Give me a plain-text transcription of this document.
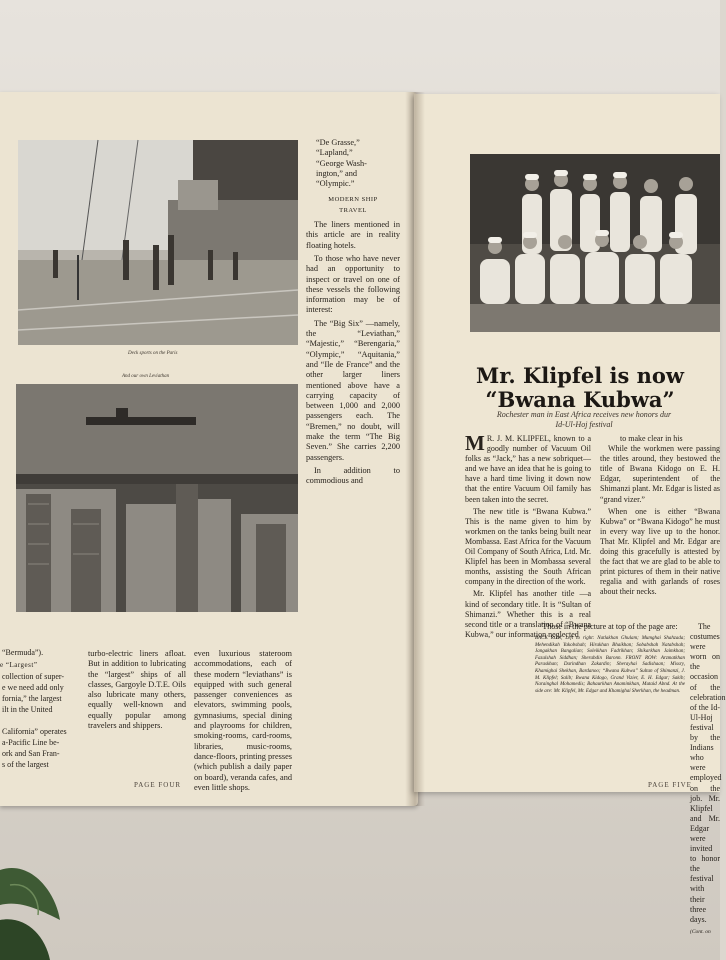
Deck sports on the Paris
And our own Leviathan
“De Grasse,”
“Lapland,”
“George Wash-
ington,” and
“Olympic.”
MODERN SHIP
TRAVEL

The liners mentioned in this article are in reality floating hotels.

To those who have never had an opportunity to inspect or travel on one of these vessels the following information may be of interest:

The “Big Six” —namely, the “Leviathan,” “Majestic,” “Berengaria,” “Olympic,” “Aquitania,” and “Ile de France” and the other larger liners mentioned above have a carrying capacity of between 1,000 and 2,000 passengers each. The “Bremen,” no doubt, will make the term “The Big Seven.” She carries 2,200 passengers.

In addition to commodious and

“Bermuda”).
e “Largest”
collection of super-
e we need add only
fornia,” the largest
ilt in the United
California” operates
a-Pacific Line be-
ork and San Fran-
s of the largest

turbo-electric liners afloat. But in addition to lubricating the “largest” ships of all classes, Gargoyle D.T.E. Oils also lubricate many others, equally well-known and equally popular among travelers and shippers.

even luxurious stateroom accommodations, each of these modern “leviathans” is equipped with such general passenger conveniences as elevators, swimming pools, gymnasiums, special dining and playrooms for children, smoking-rooms, card-rooms, libraries, music-rooms, dance-floors, printing presses (which publish a daily paper on board), veranda cafes, and even little shops.

PAGE FOUR
Mr. Klipfel is now
“Bwana Kubwa”
Rochester man in East Africa receives new honors dur
Id-Ul-Hoj festival

M R. J. M. KLIPFEL, known to a goodly number of Vacuum Oil folks as “Jack,” has a new sobriquet—and we have an idea that he is going to have a hard time living it down now that the entire Vacuum Oil family has been taken into the secret.

The new title is “Bwana Kubwa.” This is the name given to him by workmen on the tanks being built near Mombassa. East Africa for the Vacuum Oil Company of South Africa, Ltd. Mr. Klipfel has been in Mombassa several months, assisting the South African company in the direction of the work.

Mr. Klipfel has another title —a kind of secondary title. It is “Sultan of Shimanzi.” Whether this is a real second title or a translation of “Bwana Kubwa,” our information neglected

to make clear in his

While the workmen were passing the titles around, they bestowed the title of Bwana Kidogo on E. H. Edgar, superintendent of the Shimanzi plant. Mr. Edgar is listed as “grand vizer.”

When one is either “Bwana Kubwa” or “Bwana Kidogo” he must in every way live up to the honor. That Mr. Klipfel and Mr. Edgar are doing this gracefully is attested by the fact that we are glad to be able to print pictures of them in their native regalia and with garlands of roses about their necks.

Those in the picture at top of the page are:
BACK ROW, Left to right: Natlakhan Ghulam; Mumghai Shahzada; Mehendikah Yakobshah; Hirakhan Bhaikhan; Sobabshah Natabshah; Jangakhan Bangalian; Soleikhan Fadrikhan; Shikarkhan Jaimkhan; Fazalshah Siddhan; Sherabdin Baronn. FRONT ROW: Arzmatkhan Paraskhan; Darindhan Zakardin; Sherayhai Sadishaan; Missry, Khamighai Shekhan, Bardanoo; “Bwana Kubwa” Sultan of Shimanzi, J. M. Klipfel; Salib; Bwana Kidogo, Grand Vizier, E. H. Edgar; Sakib; Narainghal Mohamedis; Bahaurkhan Anaminkhan, Mutaid Abnd. At the side are: Mr. Klipfel, Mr. Edgar and Khamighai Sherkhan, the headman.

The costumes were worn on the occasion of the celebration of the Id-Ul-Hoj festival by the Indians who were employed on the job. Mr. Klipfel and Mr. Edgar were invited to honor the festival with their three days.

(Cont. on
PAGE FIVE
